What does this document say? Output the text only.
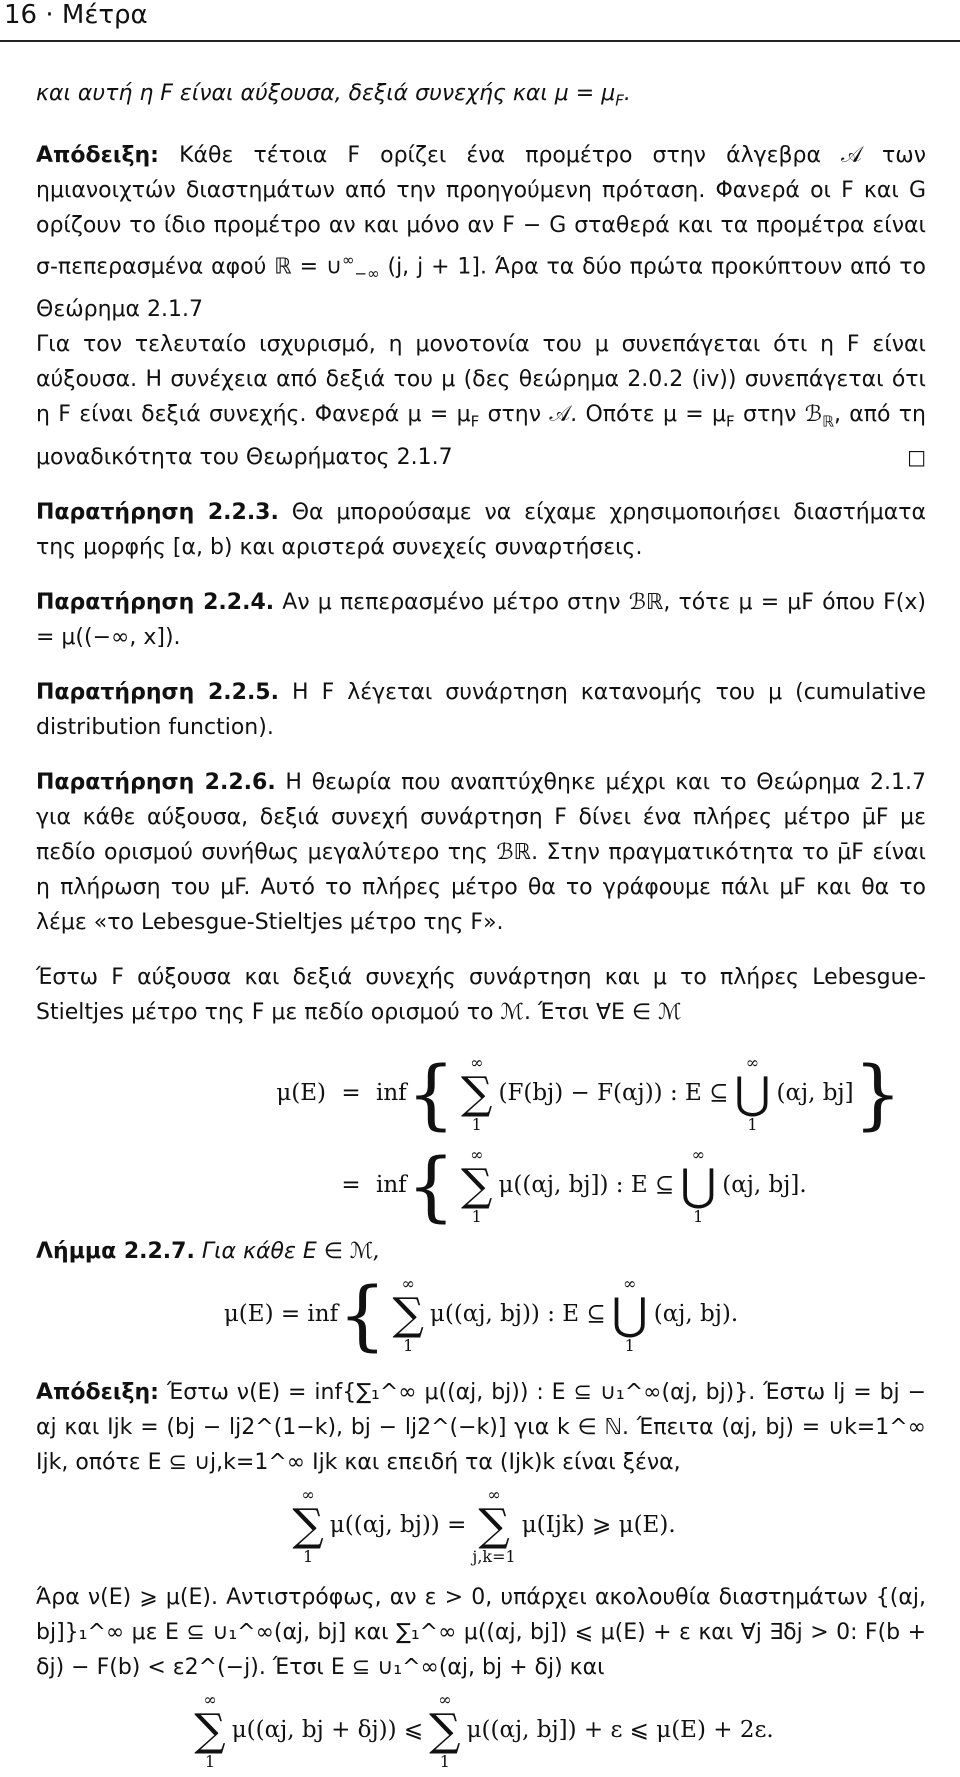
16 · Μέτρα

και αυτή η F είναι αύξουσα, δεξιά συνεχής και $\mu = \mu_F$.

Απόδειξη: Κάθε τέτοια F ορίζει ένα προμέτρο στην άλγεβρα 𝒜 των ημιανοιχτών διαστημάτων από την προηγούμενη πρόταση. Φανερά οι F και G ορίζουν το ίδιο προμέτρο αν και μόνο αν F − G σταθερά και τα προμέτρα είναι σ-πεπερασμένα αφού ℝ = $\cup^\infty_{-\infty}$ (j, j + 1]. Άρα τα δύο πρώτα προκύπτουν από το Θεώρημα 2.1.7
Για τον τελευταίο ισχυρισμό, η μονοτονία του μ συνεπάγεται ότι η F είναι αύξουσα. Η συνέχεια από δεξιά του μ (δες θεώρημα 2.0.2 (iv)) συνεπάγεται ότι η F είναι δεξιά συνεχής. Φανερά $\mu = \mu_F$ στην 𝒜. Οπότε $\mu = \mu_F$ στην ℬ$_ℝ$, από τη μοναδικότητα του Θεωρήματος 2.1.7	□

Παρατήρηση 2.2.3. Θα μπορούσαμε να είχαμε χρησιμοποιήσει διαστήματα της μορφής [α, b) και αριστερά συνεχείς συναρτήσεις.

Παρατήρηση 2.2.4. Αν μ πεπερασμένο μέτρο στην ℬℝ, τότε μ = μF όπου F(x) = μ((−∞, x]).

Παρατήρηση 2.2.5. Η F λέγεται συνάρτηση κατανομής του μ (cumulative distribution function).

Παρατήρηση 2.2.6. Η θεωρία που αναπτύχθηκε μέχρι και το Θεώρημα 2.1.7 για κάθε αύξουσα, δεξιά συνεχή συνάρτηση F δίνει ένα πλήρες μέτρο μ̄F με πεδίο ορισμού συνήθως μεγαλύτερο της ℬℝ. Στην πραγματικότητα το μ̄F είναι η πλήρωση του μF. Αυτό το πλήρες μέτρο θα το γράφουμε πάλι μF και θα το λέμε «το Lebesgue-Stieltjes μέτρο της F».

Έστω F αύξουσα και δεξιά συνεχής συνάρτηση και μ το πλήρες Lebesgue-Stieltjes μέτρο της F με πεδίο ορισμού το ℳ. Έτσι ∀E ∈ ℳ

μ(E) = inf { ∞
∑
1
(F(bj) − F(αj)) : E ⊆
∞
⋃
1
(αj, bj] }
= inf { ∞
∑
1
μ((αj, bj]) : E ⊆
∞
⋃
1
(αj, bj].

Λήμμα 2.2.7. Για κάθε E ∈ ℳ,

μ(E) = inf { ∞
∑
1
μ((αj, bj)) : E ⊆
∞
⋃
1
(αj, bj).

Απόδειξη: Έστω ν(E) = inf{∑₁^∞ μ((αj, bj)) : E ⊆ ∪₁^∞(αj, bj)}. Έστω lj = bj − αj και Ijk = (bj − lj2^(1−k), bj − lj2^(−k)] για k ∈ ℕ. Έπειτα (αj, bj) = ∪k=1^∞ Ijk, οπότε E ⊆ ∪j,k=1^∞ Ijk και επειδή τα (Ijk)k είναι ξένα,

∞
∑
1
μ((αj, bj)) =
∞
∑
j,k=1
μ(Ijk) ⩾ μ(E).

Άρα ν(E) ⩾ μ(E). Αντιστρόφως, αν ε > 0, υπάρχει ακολουθία διαστημάτων {(αj, bj]}₁^∞ με E ⊆ ∪₁^∞(αj, bj] και ∑₁^∞ μ((αj, bj]) ⩽ μ(E) + ε και ∀j ∃δj > 0: F(b + δj) − F(b) < ε2^(−j). Έτσι E ⊆ ∪₁^∞(αj, bj + δj) και

∞
∑
1
μ((αj, bj + δj)) ⩽
∞
∑
1
μ((αj, bj]) + ε ⩽ μ(E) + 2ε.
